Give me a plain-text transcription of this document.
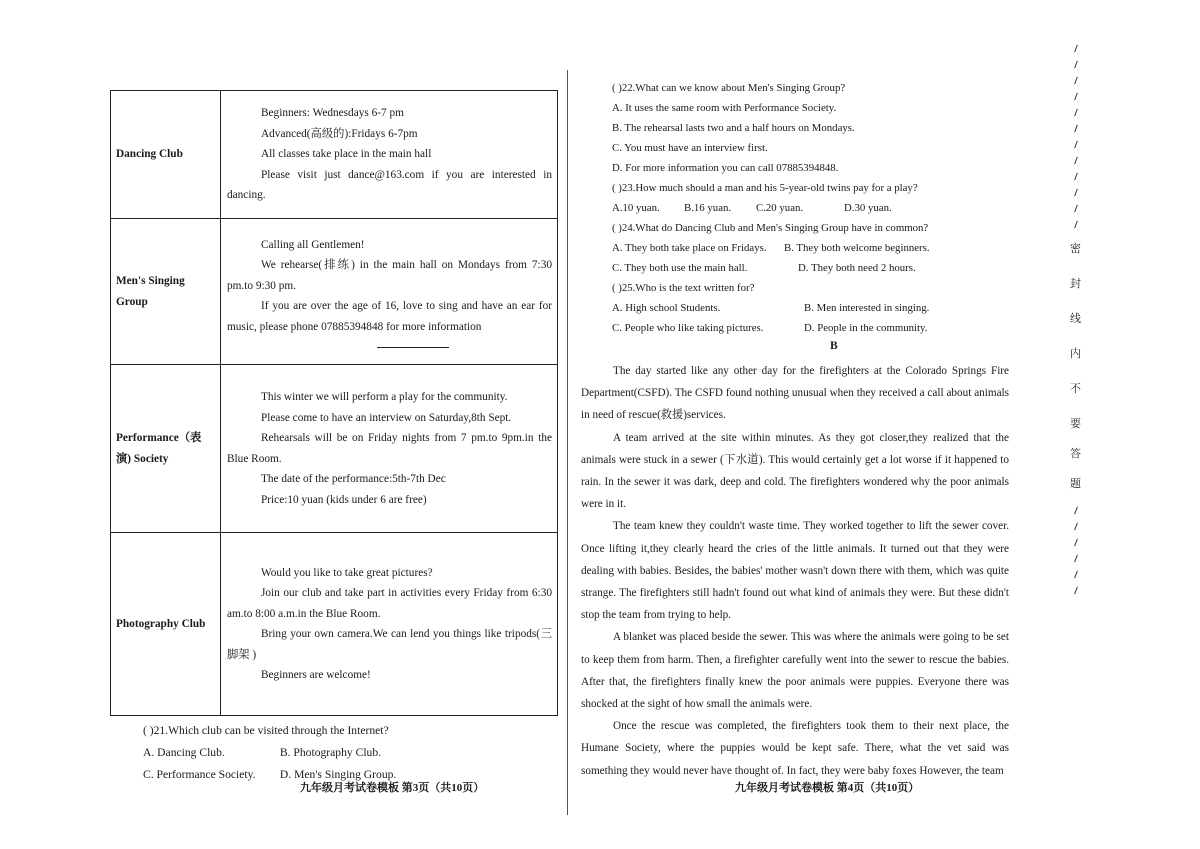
Dancing Club	Beginners: Wednesdays 6-7 pm

Advanced(高级的):Fridays 6-7pm

All classes take place in the main hall

Please visit just dance@163.com if you are interested in dancing.

Men's Singing Group	Calling all Gentlemen!

We rehearse(排练) in the main hall on Mondays from 7:30 pm.to 9:30 pm.

If you are over the age of 16, love to sing and have an ear for music, please phone 07885394848 for more information

Performance（表演) Society	This winter we will perform a play for the community.

Please come to have an interview on Saturday,8th Sept.

Rehearsals will be on Friday nights from 7 pm.to 9pm.in the Blue Room.

The date of the performance:5th-7th Dec

Price:10 yuan (kids under 6 are free)

Photography Club	Would you like to take great pictures?

Join our club and take part in activities every Friday from 6:30 am.to 8:00 a.m.in the Blue Room.

Bring your own camera.We can lend you things like tripods(三脚架 )

Beginners are welcome!

( )21.Which club can be visited through the Internet?
A. Dancing Club.	B. Photography Club.
C. Performance Society. D. Men's Singing Group.
九年级月考试卷模板 第3页（共10页）
( )22.What can we know about Men's Singing Group?
A. It uses the same room with Performance Society.
B. The rehearsal lasts two and a half hours on Mondays.
C. You must have an interview first.
D. For more information you can call 07885394848.
( )23.How much should a man and his 5-year-old twins pay for a play?
A.10 yuan. B.16 yuan. C.20 yuan.	D.30 yuan.
( )24.What do Dancing Club and Men's Singing Group have in common?
A. They both take place on Fridays. B. They both welcome beginners.
C. They both use the main hall.	D. They both need 2 hours.
( )25.Who is the text written for?
A. High school Students.	B. Men interested in singing.
C. People who like taking pictures.	D. People in the community.
B

The day started like any other day for the firefighters at the Colorado Springs Fire Department(CSFD). The CSFD found nothing unusual when they received a call about animals in need of rescue(救援)services.

A team arrived at the site within minutes. As they got closer,they realized that the animals were stuck in a sewer (下水道). This would certainly get a lot worse if it happened to rain. In the sewer it was dark, deep and cold. The firefighters wondered why the poor animals were in it.

The team knew they couldn't waste time. They worked together to lift the sewer cover. Once lifting it,they clearly heard the cries of the little animals. It turned out that they were dealing with babies. Besides, the babies' mother wasn't down there with them, which was quite strange. The firefighters still hadn't found out what kind of animals they were. But these didn't stop the team from trying to help.

A blanket was placed beside the sewer. This was where the animals were going to be set to keep them from harm. Then, a firefighter carefully went into the sewer to rescue the babies. After that, the firefighters finally knew the poor animals were puppies. Everyone there was shocked at the sight of how small the animals were.

Once the rescue was completed, the firefighters took them to their next place, the Humane Society, where the puppies would be kept safe. There, what the vet said was something they would never have thought of. In fact, they were baby foxes However, the team

九年级月考试卷模板 第4页（共10页）
密
封
线
内
不
要
答
题
